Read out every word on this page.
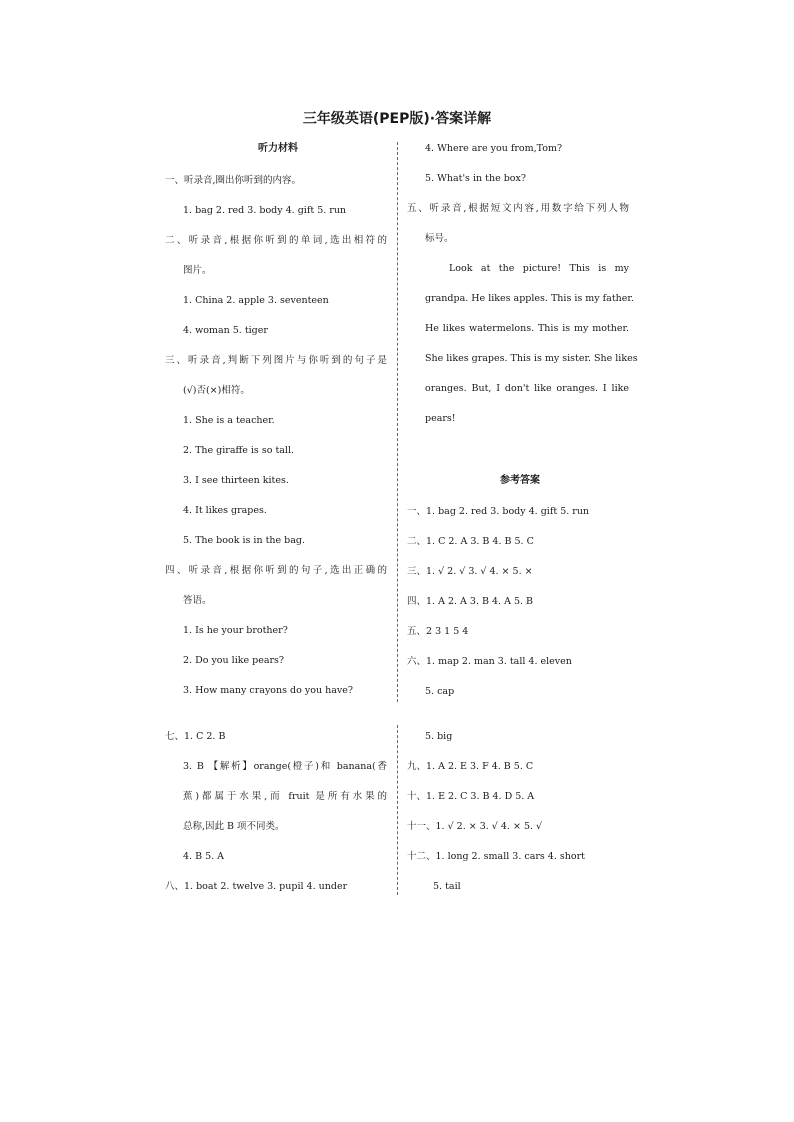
三年级英语(PEP版)·答案详解
听力材料
一、听录音,圈出你听到的内容。
1. bag 2. red 3. body 4. gift 5. run
二、听录音,根据你听到的单词,选出相符的
图片。
1. China 2. apple 3. seventeen
4. woman 5. tiger
三、听录音,判断下列图片与你听到的句子是
(√)否(×)相符。
1. She is a teacher.
2. The giraffe is so tall.
3. I see thirteen kites.
4. It likes grapes.
5. The book is in the bag.
四、听录音,根据你听到的句子,选出正确的
答语。
1. Is he your brother?
2. Do you like pears?
3. How many crayons do you have?
4. Where are you from,Tom?
5. What's in the box?
五、听录音,根据短文内容,用数字给下列人物
标号。
Look at the picture! This is my
grandpa. He likes apples. This is my father.
He likes watermelons. This is my mother.
She likes grapes. This is my sister. She likes
oranges. But, I don't like oranges. I like
pears!
参考答案
一、1. bag 2. red 3. body 4. gift 5. run
二、1. C 2. A 3. B 4. B 5. C
三、1. √ 2. √ 3. √ 4. × 5. ×
四、1. A 2. A 3. B 4. A 5. B
五、2 3 1 5 4
六、1. map 2. man 3. tall 4. eleven
5. cap
七、1. C 2. B
3. B 【解析】orange(橙子)和 banana(香
蕉)都属于水果,而 fruit 是所有水果的
总称,因此 B 项不同类。
4. B 5. A
八、1. boat 2. twelve 3. pupil 4. under
5. big
九、1. A 2. E 3. F 4. B 5. C
十、1. E 2. C 3. B 4. D 5. A
十一、1. √ 2. × 3. √ 4. × 5. √
十二、1. long 2. small 3. cars 4. short
5. tail
